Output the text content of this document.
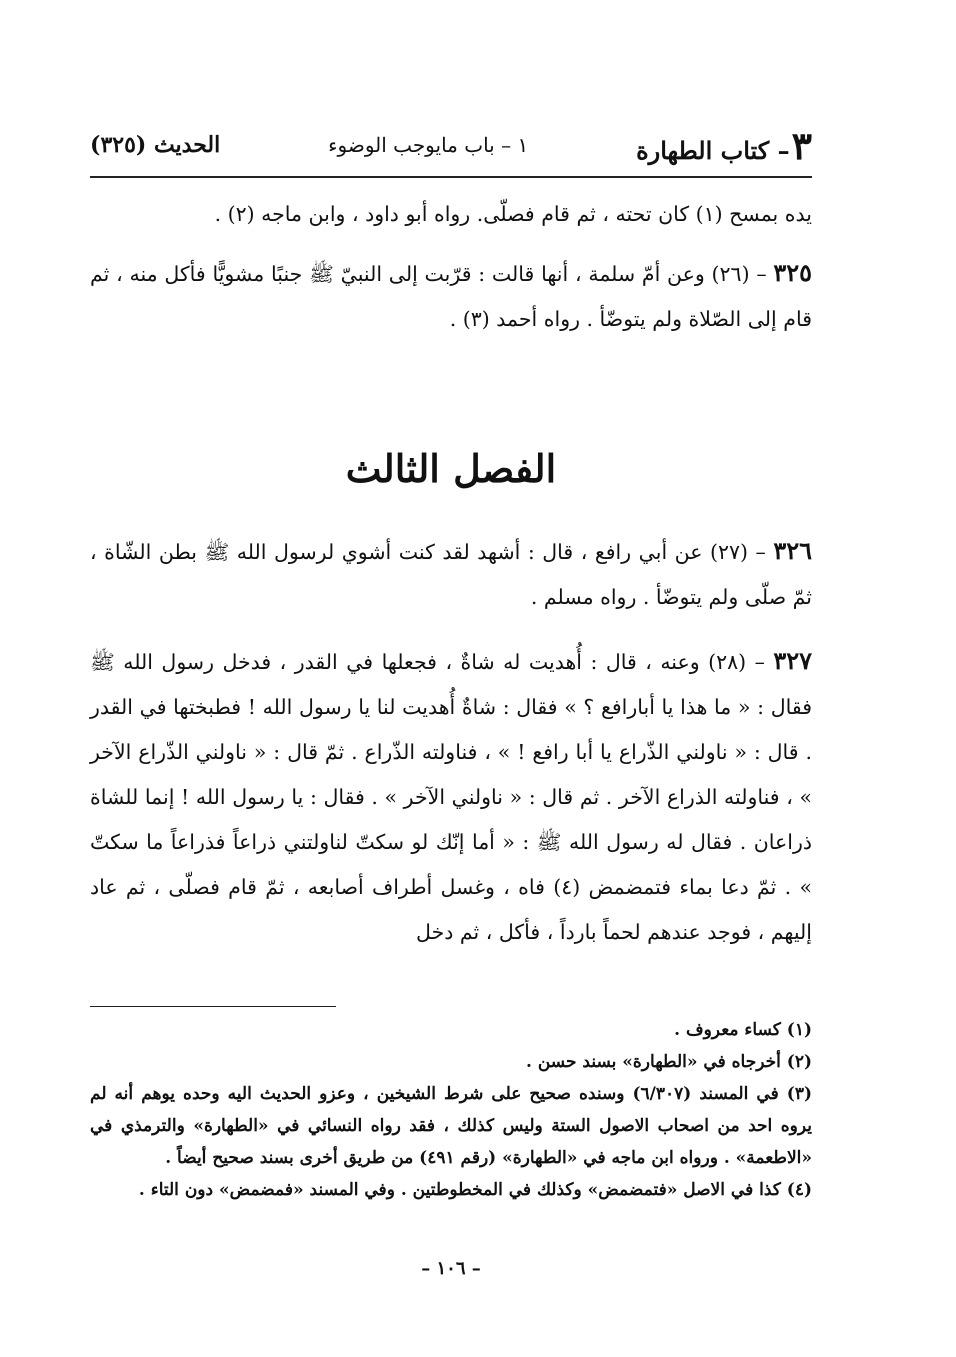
٣– كتاب الطهارة
١ – باب مايوجب الوضوء
الحديث (٣٢٥)

يده بمسح (١) كان تحته ، ثم قام فصلّى. رواه أبو داود ، وابن ماجه (٢) .

٣٢٥ – (٢٦) وعن أمّ سلمة ، أنها قالت : قرّبت إلى النبيّ ﷺ جنبًا مشويًّا فأكل منه ، ثم قام إلى الصّلاة ولم يتوضّأ . رواه أحمد (٣) .

الفصل الثالث

٣٢٦ – (٢٧) عن أبي رافع ، قال : أشهد لقد كنت أشوي لرسول الله ﷺ بطن الشّاة ، ثمّ صلّى ولم يتوضّأ . رواه مسلم .

٣٢٧ – (٢٨) وعنه ، قال : أُهديت له شاةٌ ، فجعلها في القدر ، فدخل رسول الله ﷺ فقال : « ما هذا يا أبارافع ؟ » فقال : شاةٌ أُهديت لنا يا رسول الله ! فطبختها في القدر . قال : « ناولني الذّراع يا أبا رافع ! » ، فناولته الذّراع . ثمّ قال : « ناولني الذّراع الآخر » ، فناولته الذراع الآخر . ثم قال : « ناولني الآخر » . فقال : يا رسول الله ! إنما للشاة ذراعان . فقال له رسول الله ﷺ : « أما إنّك لو سكتّ لناولتني ذراعاً فذراعاً ما سكتّ » . ثمّ دعا بماء فتمضمض (٤) فاه ، وغسل أطراف أصابعه ، ثمّ قام فصلّى ، ثم عاد إليهم ، فوجد عندهم لحماً بارداً ، فأكل ، ثم دخل

(١) كساء معروف .

(٢) أخرجاه في «الطهارة» بسند حسن .

(٣) في المسند (٦/٣٠٧) وسنده صحيح على شرط الشيخين ، وعزو الحديث اليه وحده يوهم أنه لم يروه احد من اصحاب الاصول الستة وليس كذلك ، فقد رواه النسائي في «الطهارة» والترمذي في «الاطعمة» . ورواه ابن ماجه في «الطهارة» (رقم ٤٩١) من طريق أخرى بسند صحيح أيضاً .

(٤) كذا في الاصل «فتمضمض» وكذلك في المخطوطتين . وفي المسند «فمضمض» دون التاء .

– ١٠٦ –
